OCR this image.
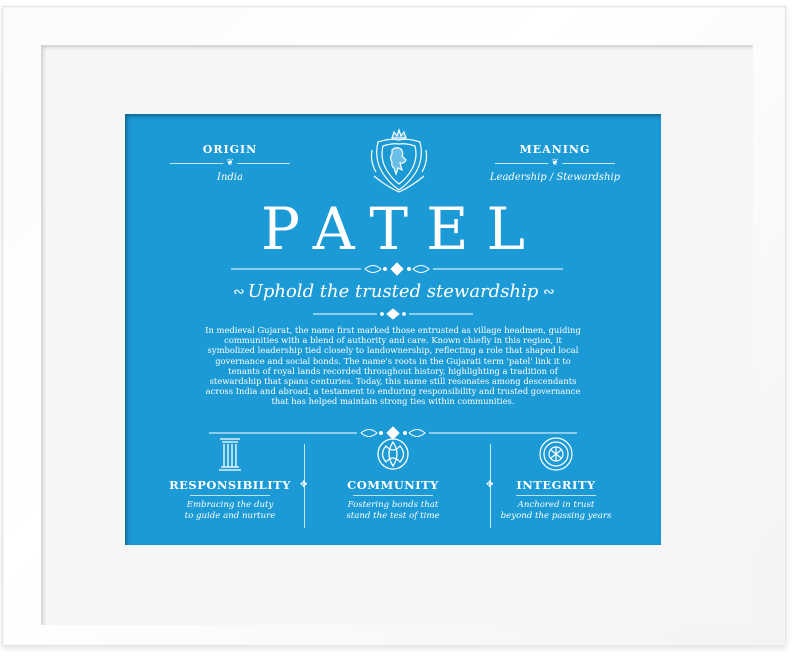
ORIGIN
❦
India
MEANING
❦
Leadership / Stewardship
PATEL
∾ Uphold the trusted stewardship ∾

In medieval Gujarat, the name first marked those entrusted as village headmen, guiding communities with a blend of authority and care. Known chiefly in this region, it symbolized leadership tied closely to landownership, reflecting a role that shaped local governance and social bonds. The name's roots in the Gujarati term 'patel' link it to tenants of royal lands recorded throughout history, highlighting a tradition of stewardship that spans centuries. Today, this name still resonates among descendants across India and abroad, a testament to enduring responsibility and trusted governance that has helped maintain strong ties within communities.

RESPONSIBILITY
Embracing the duty
to guide and nurture
✥	COMMUNITY
Fostering bonds that
stand the test of time
✥	INTEGRITY
Anchored in trust
beyond the passing years
